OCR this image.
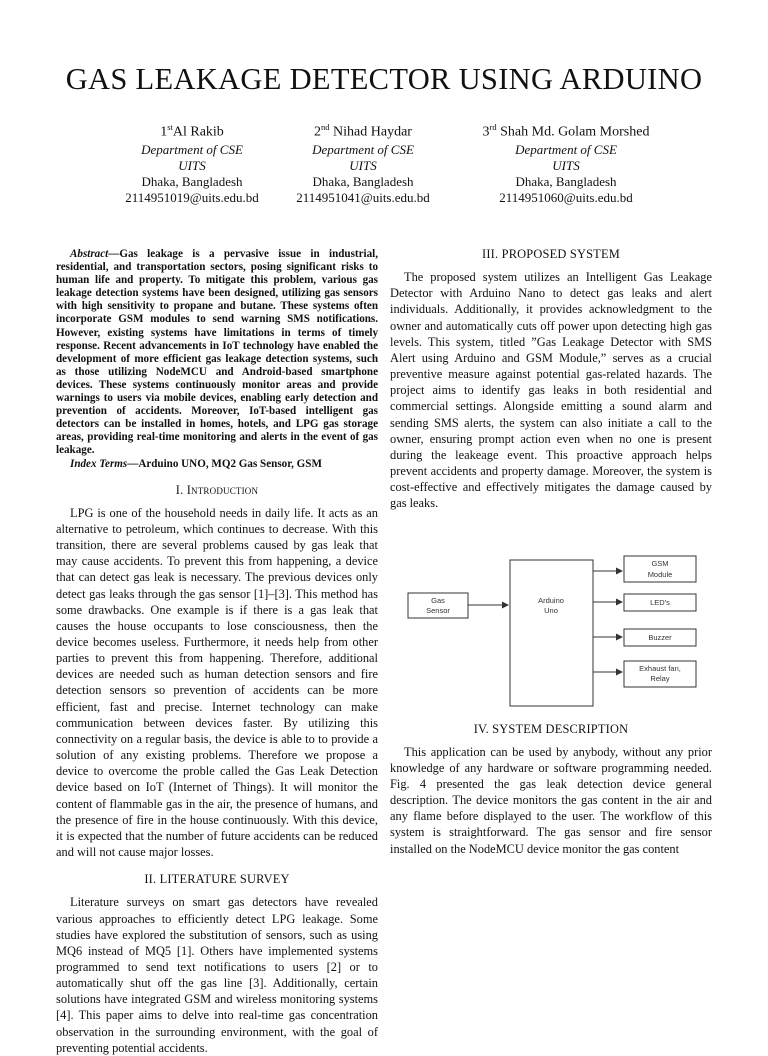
GAS LEAKAGE DETECTOR USING ARDUINO
1stAl Rakib
Department of CSE
UITS
Dhaka, Bangladesh
2114951019@uits.edu.bd
2nd Nihad Haydar
Department of CSE
UITS
Dhaka, Bangladesh
2114951041@uits.edu.bd
3rd Shah Md. Golam Morshed
Department of CSE
UITS
Dhaka, Bangladesh
2114951060@uits.edu.bd

Abstract—Gas leakage is a pervasive issue in industrial, residential, and transportation sectors, posing significant risks to human life and property. To mitigate this problem, various gas leakage detection systems have been designed, utilizing gas sensors with high sensitivity to propane and butane. These systems often incorporate GSM modules to send warning SMS notifications. However, existing systems have limitations in terms of timely response. Recent advancements in IoT technology have enabled the development of more efficient gas leakage detection systems, such as those utilizing NodeMCU and Android-based smartphone devices. These systems continuously monitor areas and provide warnings to users via mobile devices, enabling early detection and prevention of accidents. Moreover, IoT-based intelligent gas detectors can be installed in homes, hotels, and LPG gas storage areas, providing real-time monitoring and alerts in the event of gas leakage.

Index Terms—Arduino UNO, MQ2 Gas Sensor, GSM

I. Introduction

LPG is one of the household needs in daily life. It acts as an alternative to petroleum, which continues to decrease. With this transition, there are several problems caused by gas leak that may cause accidents. To prevent this from happening, a device that can detect gas leak is necessary. The previous devices only detect gas leaks through the gas sensor [1]–[3]. This method has some drawbacks. One example is if there is a gas leak that causes the house occupants to lose consciousness, then the device becomes useless. Furthermore, it needs help from other parties to prevent this from happening. Therefore, additional devices are needed such as human detection sensors and fire detection sensors so prevention of accidents can be more efficient, fast and precise. Internet technology can make communication between devices faster. By utilizing this connectivity on a regular basis, the device is able to to provide a solution of any existing problems. Therefore we propose a device to overcome the proble called the Gas Leak Detection device based on IoT (Internet of Things). It will monitor the content of flammable gas in the air, the presence of humans, and the presence of fire in the house continuously. With this device, it is expected that the number of future accidents can be reduced and will not cause major losses.

II. LITERATURE SURVEY

Literature surveys on smart gas detectors have revealed various approaches to efficiently detect LPG leakage. Some studies have explored the substitution of sensors, such as using MQ6 instead of MQ5 [1]. Others have implemented systems programmed to send text notifications to users [2] or to automatically shut off the gas line [3]. Additionally, certain solutions have integrated GSM and wireless monitoring systems [4]. This paper aims to delve into real-time gas concentration observation in the surrounding environment, with the goal of preventing potential accidents.

III. PROPOSED SYSTEM

The proposed system utilizes an Intelligent Gas Leakage Detector with Arduino Nano to detect gas leaks and alert individuals. Additionally, it provides acknowledgment to the owner and automatically cuts off power upon detecting high gas levels. This system, titled ”Gas Leakage Detector with SMS Alert using Arduino and GSM Module,” serves as a crucial preventive measure against potential gas-related hazards. The project aims to identify gas leaks in both residential and commercial settings. Alongside emitting a sound alarm and sending SMS alerts, the system can also initiate a call to the owner, ensuring prompt action even when no one is present during the leakeage event. This proactive approach helps prevent accidents and property damage. Moreover, the system is cost-effective and effectively mitigates the damage caused by gas leaks.

Gas
Sensor
Arduino
Uno
GSM
Module
LED's
Buzzer
Exhaust fan,
Relay
IV. SYSTEM DESCRIPTION

This application can be used by anybody, without any prior knowledge of any hardware or software programming needed. Fig. 4 presented the gas leak detection device general description. The device monitors the gas content in the air and any flame before displayed to the user. The workflow of this system is straightforward. The gas sensor and fire sensor installed on the NodeMCU device monitor the gas content
